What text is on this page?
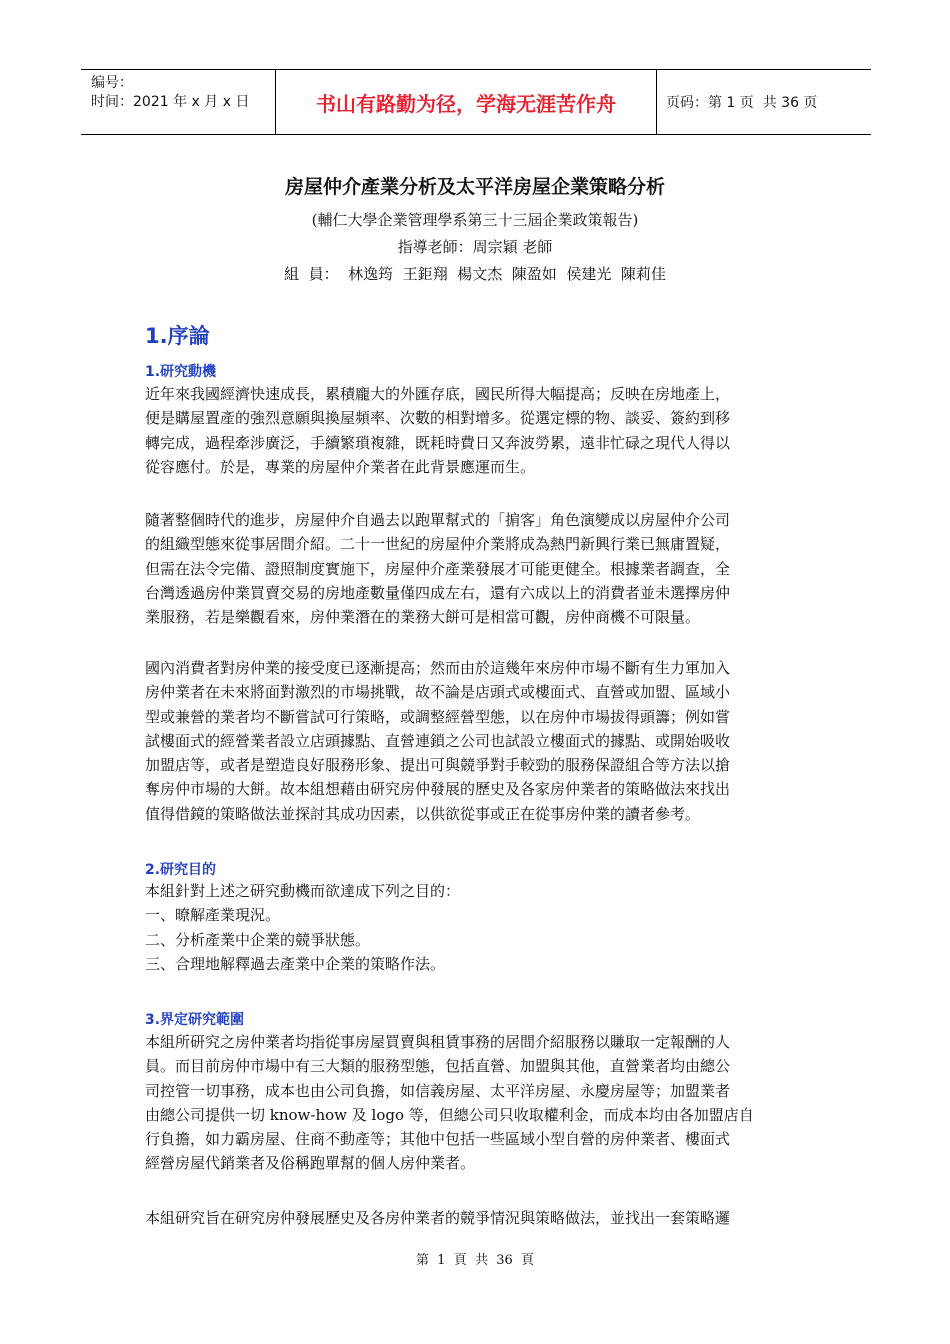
编号：
时间：2021 年 x 月 x 日	书山有路勤为径，学海无涯苦作舟	页码：第 1 页  共 36 页
房屋仲介產業分析及太平洋房屋企業策略分析
(輔仁大學企業管理學系第三十三屆企業政策報告)
指導老師：周宗穎 老師
組  員：  林逸筠  王鉅翔  楊文杰  陳盈如  侯建光  陳莉佳
1.序論
1.研究動機
近年來我國經濟快速成長，累積龐大的外匯存底，國民所得大幅提高；反映在房地產上，
便是購屋置產的強烈意願與換屋頻率、次數的相對增多。從選定標的物、談妥、簽約到移
轉完成，過程牽涉廣泛，手續繁瑣複雜，既耗時費日又奔波勞累，遠非忙碌之現代人得以
從容應付。於是，專業的房屋仲介業者在此背景應運而生。
隨著整個時代的進步，房屋仲介自過去以跑單幫式的「掮客」角色演變成以房屋仲介公司
的組織型態來從事居間介紹。二十一世紀的房屋仲介業將成為熱門新興行業已無庸置疑，
但需在法令完備、證照制度實施下，房屋仲介產業發展才可能更健全。根據業者調查，全
台灣透過房仲業買賣交易的房地產數量僅四成左右，還有六成以上的消費者並未選擇房仲
業服務，若是樂觀看來，房仲業潛在的業務大餅可是相當可觀，房仲商機不可限量。
國內消費者對房仲業的接受度已逐漸提高；然而由於這幾年來房仲市場不斷有生力軍加入
房仲業者在未來將面對激烈的市場挑戰，故不論是店頭式或樓面式、直營或加盟、區域小
型或兼營的業者均不斷嘗試可行策略，或調整經營型態，以在房仲市場拔得頭籌；例如嘗
試樓面式的經營業者設立店頭據點、直營連鎖之公司也試設立樓面式的據點、或開始吸收
加盟店等，或者是塑造良好服務形象、提出可與競爭對手較勁的服務保證組合等方法以搶
奪房仲市場的大餅。故本組想藉由研究房仲發展的歷史及各家房仲業者的策略做法來找出
值得借鏡的策略做法並探討其成功因素，以供欲從事或正在從事房仲業的讀者參考。
2.研究目的
本組針對上述之研究動機而欲達成下列之目的：
一、暸解產業現況。
二、分析產業中企業的競爭狀態。
三、合理地解釋過去產業中企業的策略作法。
3.界定研究範圍
本組所研究之房仲業者均指從事房屋買賣與租賃事務的居間介紹服務以賺取一定報酬的人
員。而目前房仲市場中有三大類的服務型態，包括直營、加盟與其他，直營業者均由總公
司控管一切事務，成本也由公司負擔，如信義房屋、太平洋房屋、永慶房屋等；加盟業者
由總公司提供一切 know-how 及 logo 等，但總公司只收取權利金，而成本均由各加盟店自
行負擔，如力霸房屋、住商不動產等；其他中包括一些區域小型自營的房仲業者、樓面式
經營房屋代銷業者及俗稱跑單幫的個人房仲業者。
本組研究旨在研究房仲發展歷史及各房仲業者的競爭情況與策略做法，並找出一套策略邏
第  1  頁  共  36  頁
